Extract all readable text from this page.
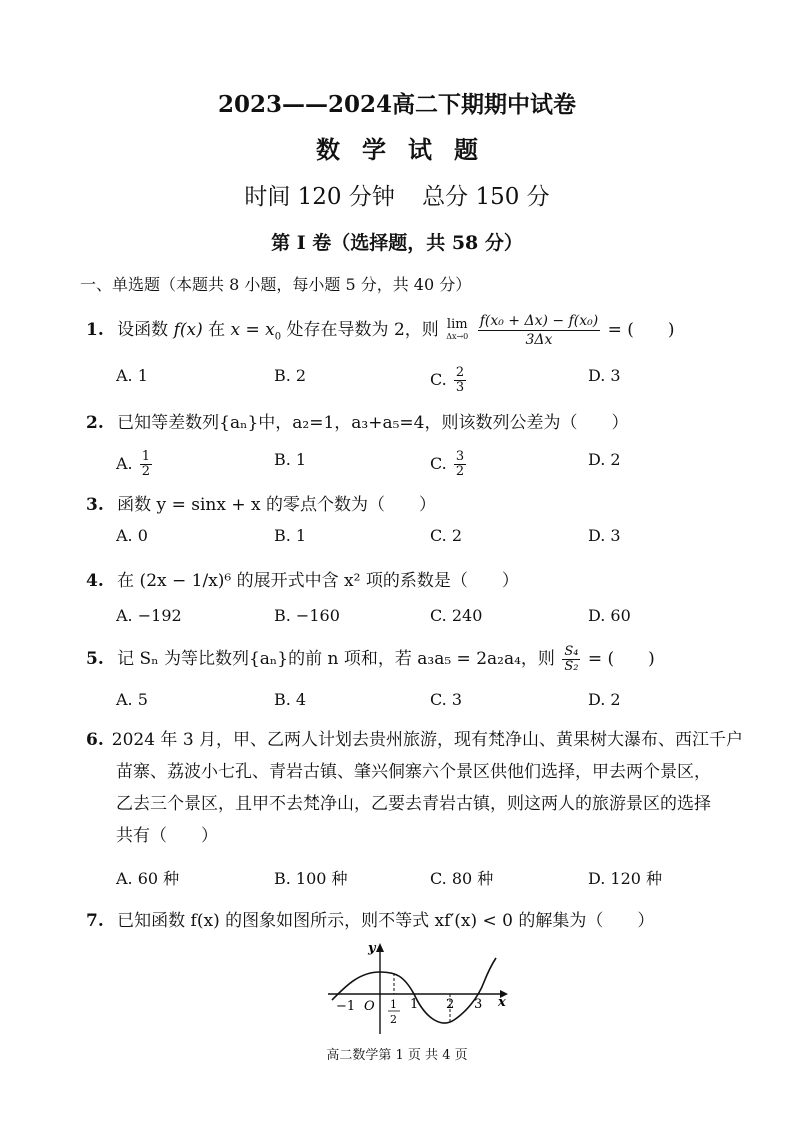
2023——2024高二下期期中试卷
数学试题
时间 120 分钟 总分 150 分
第 I 卷（选择题，共 58 分）
一、单选题（本题共 8 小题，每小题 5 分，共 40 分）
1. 设函数 f(x) 在 $x = x_0$ 处存在导数为 2，则 lim
Δx→0
$\frac{\text{f(x₀ + Δx) − f(x₀)}}{3\Delta x}$ = ( )
A. 1	B. 2	C. $\frac{2}{3}$	D. 3
2. 已知等差数列{aₙ}中，a₂=1，a₃+a₅=4，则该数列公差为（ ）
A. $\frac{1}{2}$	B. 1	C. $\frac{3}{2}$	D. 2
3. 函数 y = sinx + x 的零点个数为（ ）
A. 0	B. 1	C. 2	D. 3
4. 在 (2x − 1/x)⁶ 的展开式中含 x² 项的系数是（ ）
A. −192	B. −160	C. 240	D. 60
5. 记 Sₙ 为等比数列{aₙ}的前 n 项和，若 a₃a₅ = 2a₂a₄，则 $\frac{\text{S₄}}{\text{S₂}}$ = ( )
A. 5	B. 4	C. 3	D. 2
6. 2024 年 3 月，甲、乙两人计划去贵州旅游，现有梵净山、黄果树大瀑布、西江千户
苗寨、荔波小七孔、青岩古镇、肇兴侗寨六个景区供他们选择，甲去两个景区，
乙去三个景区，且甲不去梵净山，乙要去青岩古镇，则这两人的旅游景区的选择
共有（ ）
A. 60 种	B. 100 种	C. 80 种	D. 120 种
7. 已知函数 f(x) 的图象如图所示，则不等式 xf′(x) < 0 的解集为（ ）
y
x
−1 O 1
2
1 2 3
高二数学第 1 页 共 4 页
